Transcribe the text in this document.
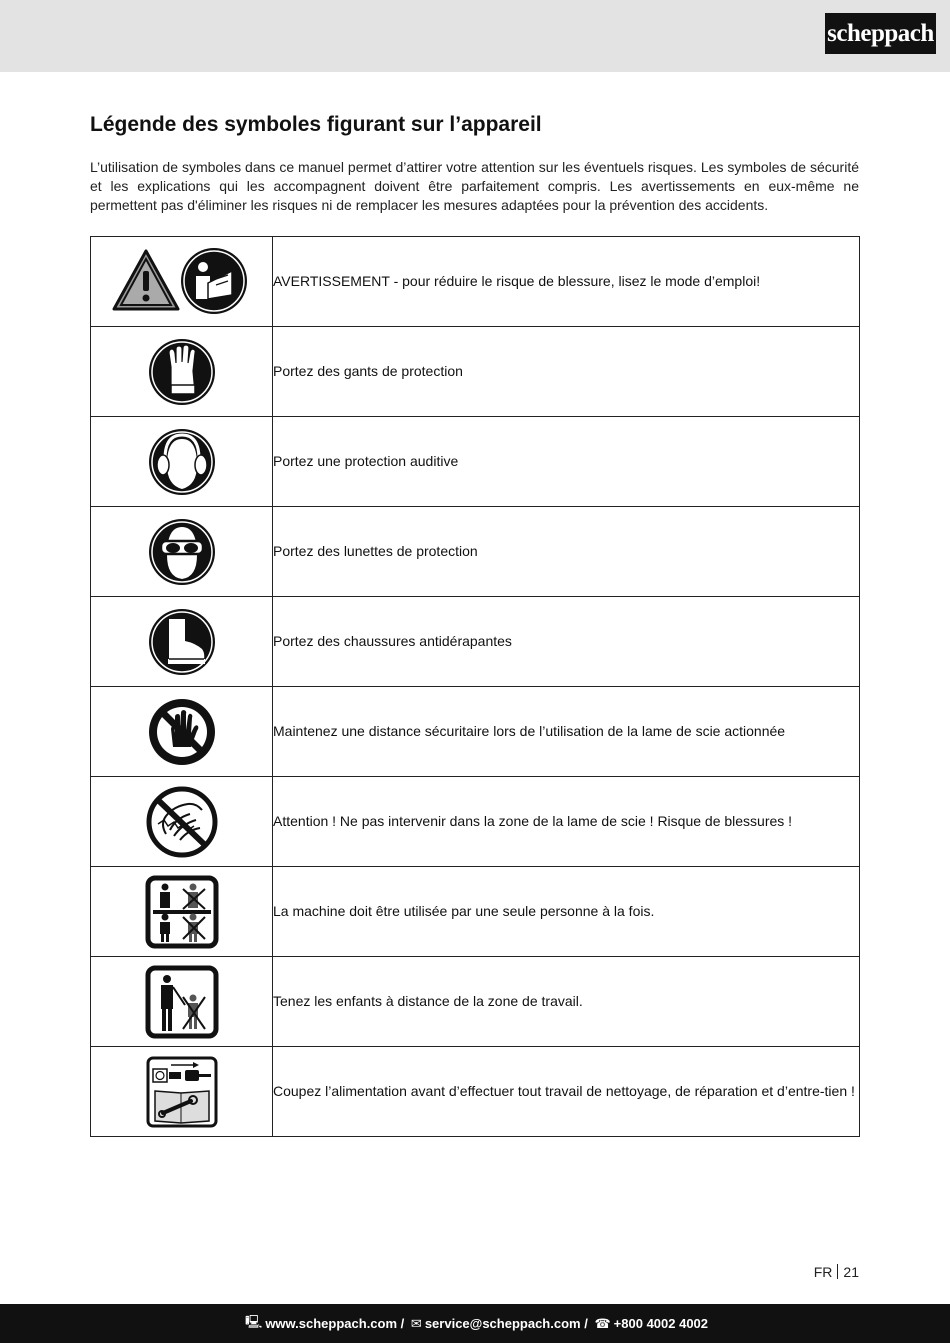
scheppach
Légende des symboles figurant sur l’appareil

L’utilisation de symboles dans ce manuel permet d’attirer votre attention sur les éventuels risques. Les symboles de sécurité et les explications qui les accompagnent doivent être parfaitement compris. Les avertissements en eux-même ne permettent pas d'éliminer les risques ni de remplacer les mesures adaptées pour la prévention des accidents.

	AVERTISSEMENT - pour réduire le risque de blessure, lisez le mode d’emploi!

	Portez des gants de protection

	Portez une protection auditive

	Portez des lunettes de protection

	Portez des chaussures antidérapantes

	Maintenez une distance sécuritaire lors de l’utilisation de la lame de scie actionnée

	Attention ! Ne pas intervenir dans la zone de la lame de scie ! Risque de blessures !

	La machine doit être utilisée par une seule personne à la fois.

	Tenez les enfants à distance de la zone de travail.

	Coupez l’alimentation avant d’effectuer tout travail de nettoyage, de réparation et d’entre-tien !
FR 21
🖳 www.scheppach.com
/
✉ service@scheppach.com
/
☎ +800 4002 4002
